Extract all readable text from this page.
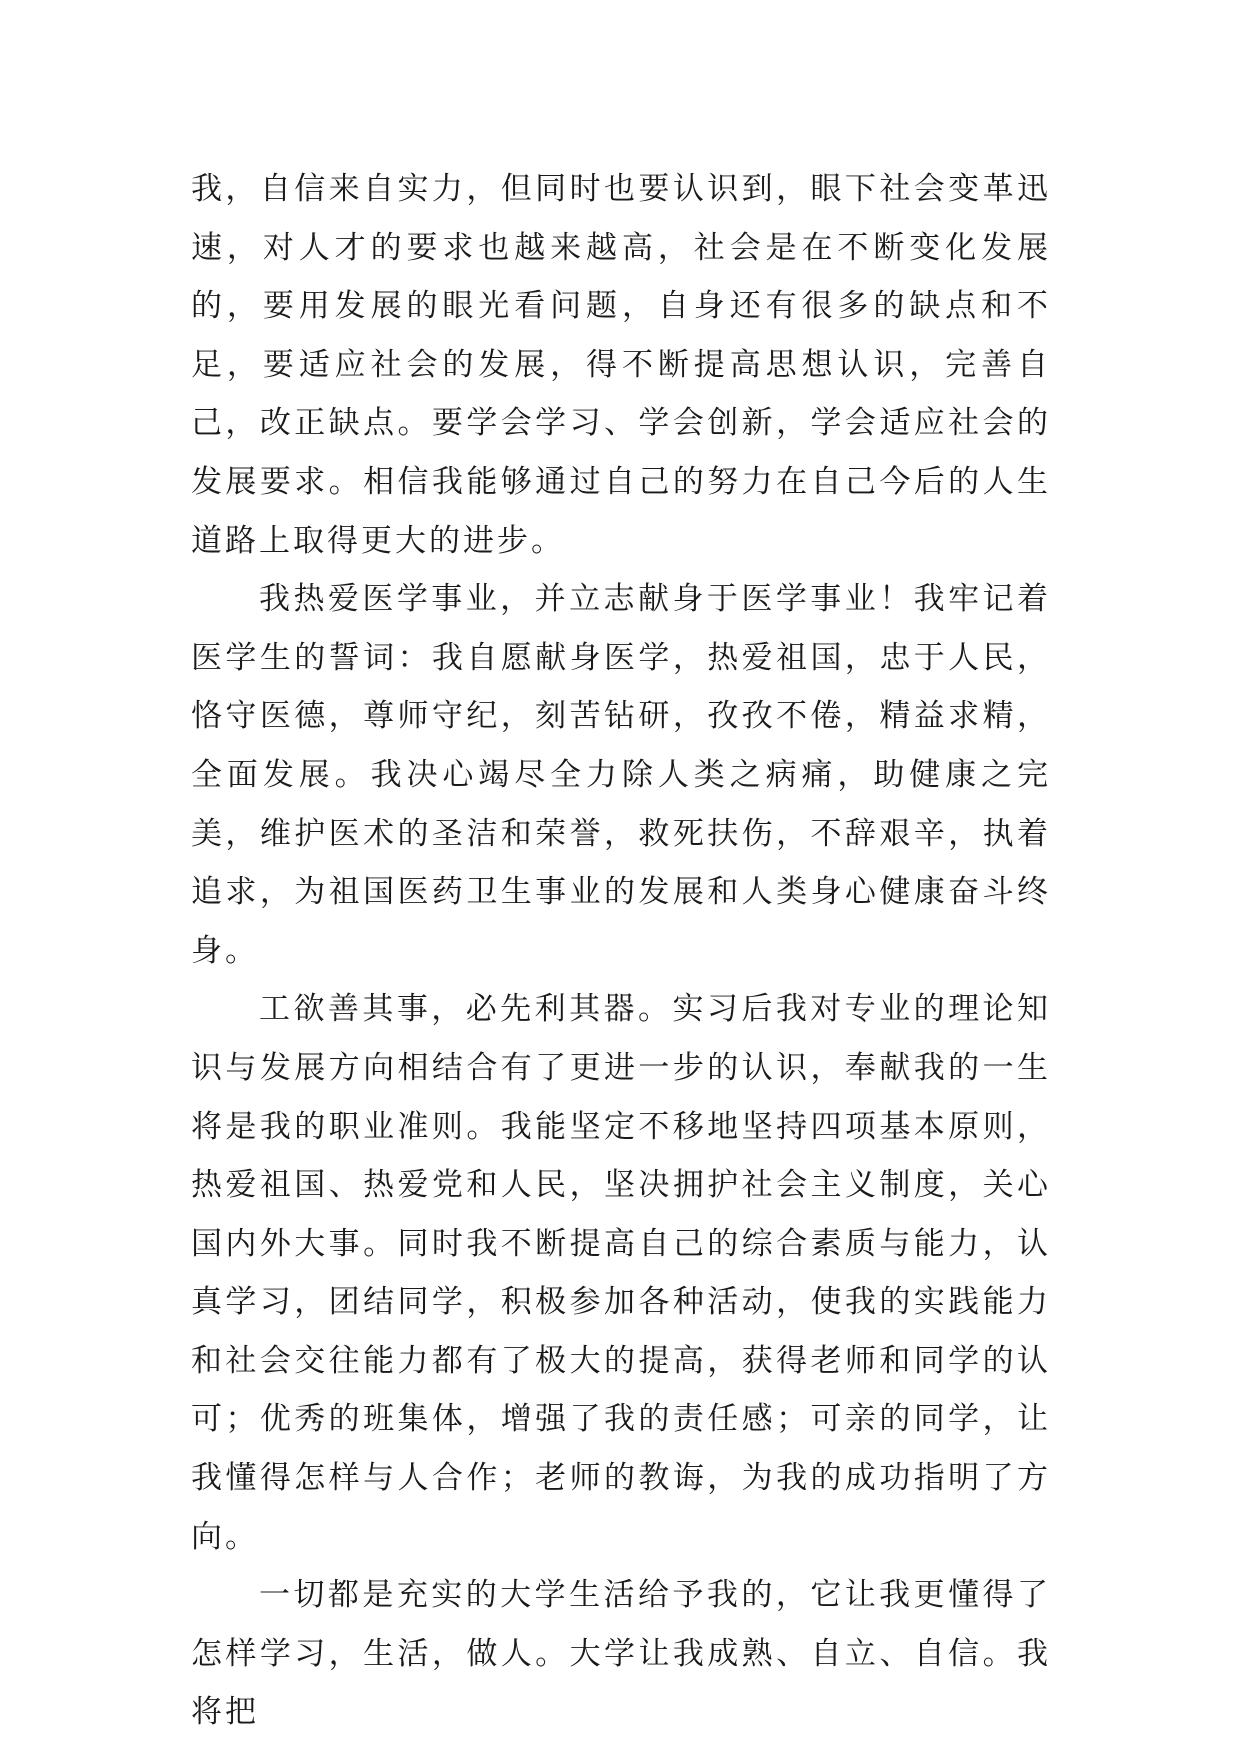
我，自信来自实力，但同时也要认识到，眼下社会变革迅速，对人才的要求也越来越高，社会是在不断变化发展的，要用发展的眼光看问题，自身还有很多的缺点和不足，要适应社会的发展，得不断提高思想认识，完善自己，改正缺点。要学会学习、学会创新，学会适应社会的发展要求。相信我能够通过自己的努力在自己今后的人生道路上取得更大的进步。

我热爱医学事业，并立志献身于医学事业！我牢记着医学生的誓词：我自愿献身医学，热爱祖国，忠于人民，恪守医德，尊师守纪，刻苦钻研，孜孜不倦，精益求精，全面发展。我决心竭尽全力除人类之病痛，助健康之完美，维护医术的圣洁和荣誉，救死扶伤，不辞艰辛，执着追求，为祖国医药卫生事业的发展和人类身心健康奋斗终身。

工欲善其事，必先利其器。实习后我对专业的理论知识与发展方向相结合有了更进一步的认识，奉献我的一生将是我的职业准则。我能坚定不移地坚持四项基本原则，热爱祖国、热爱党和人民，坚决拥护社会主义制度，关心国内外大事。同时我不断提高自己的综合素质与能力，认真学习，团结同学，积极参加各种活动，使我的实践能力和社会交往能力都有了极大的提高，获得老师和同学的认可；优秀的班集体，增强了我的责任感；可亲的同学，让我懂得怎样与人合作；老师的教诲，为我的成功指明了方向。

一切都是充实的大学生活给予我的，它让我更懂得了怎样学习，生活，做人。大学让我成熟、自立、自信。我将把
